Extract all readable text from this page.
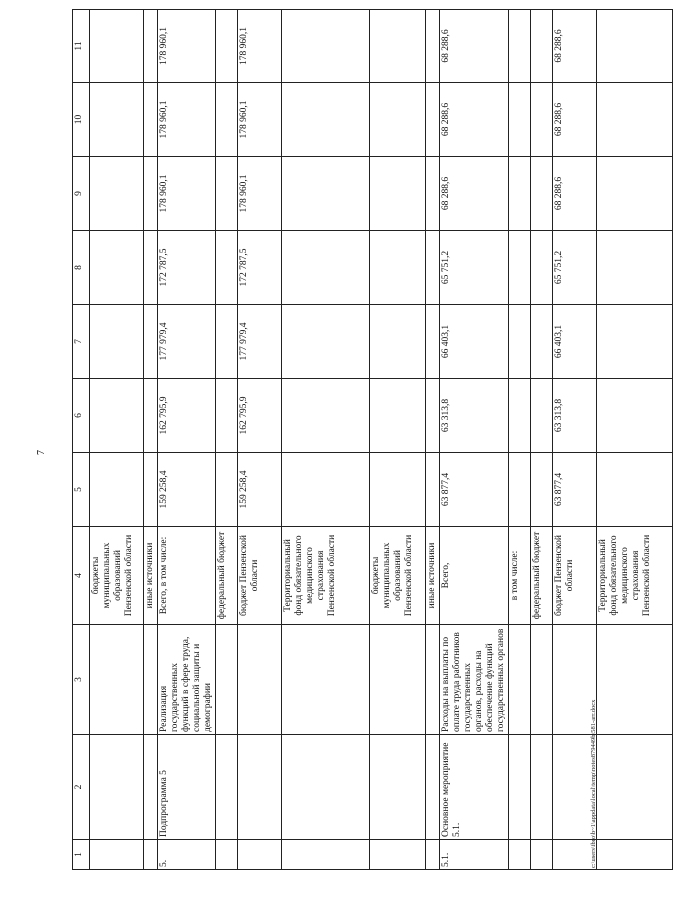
7
1	2	3	4	5	6	7	8	9	10	11
			бюджеты муниципальных образований Пензенской области							
			иные источники							
5.	Подпрограмма 5	Реализация государственных функций в сфере труда, социальной защиты и демографии	Всего, в том числе:	159 258,4	162 795,9	177 979,4	172 787,5	178 960,1	178 960,1	178 960,1
			федеральный бюджет							
			бюджет Пензенской области	159 258,4	162 795,9	177 979,4	172 787,5	178 960,1	178 960,1	178 960,1
			Территориальный фонд обязательного медицинского страхования Пензенской области							
			бюджеты муниципальных образований Пензенской области							
			иные источники							
5.1.	Основное мероприятие 5.1.	Расходы на выплаты по оплате труда работников государственных органов, расходы на обеспечение функций государственных органов	Всего,	63 877,4	63 313,8	66 403,1	65 751,2	68 288,6	68 288,6	68 288,6
			в том числе:							
			федеральный бюджет							
			бюджет Пензенской области	63 877,4	63 313,8	66 403,1	65 751,2	68 288,6	68 288,6	68 288,6
			Территориальный фонд обязательного медицинского страхования Пензенской области							
c:\users\ibro\b~1\appdata\local\temp\notes879449b\581-arr.docx
